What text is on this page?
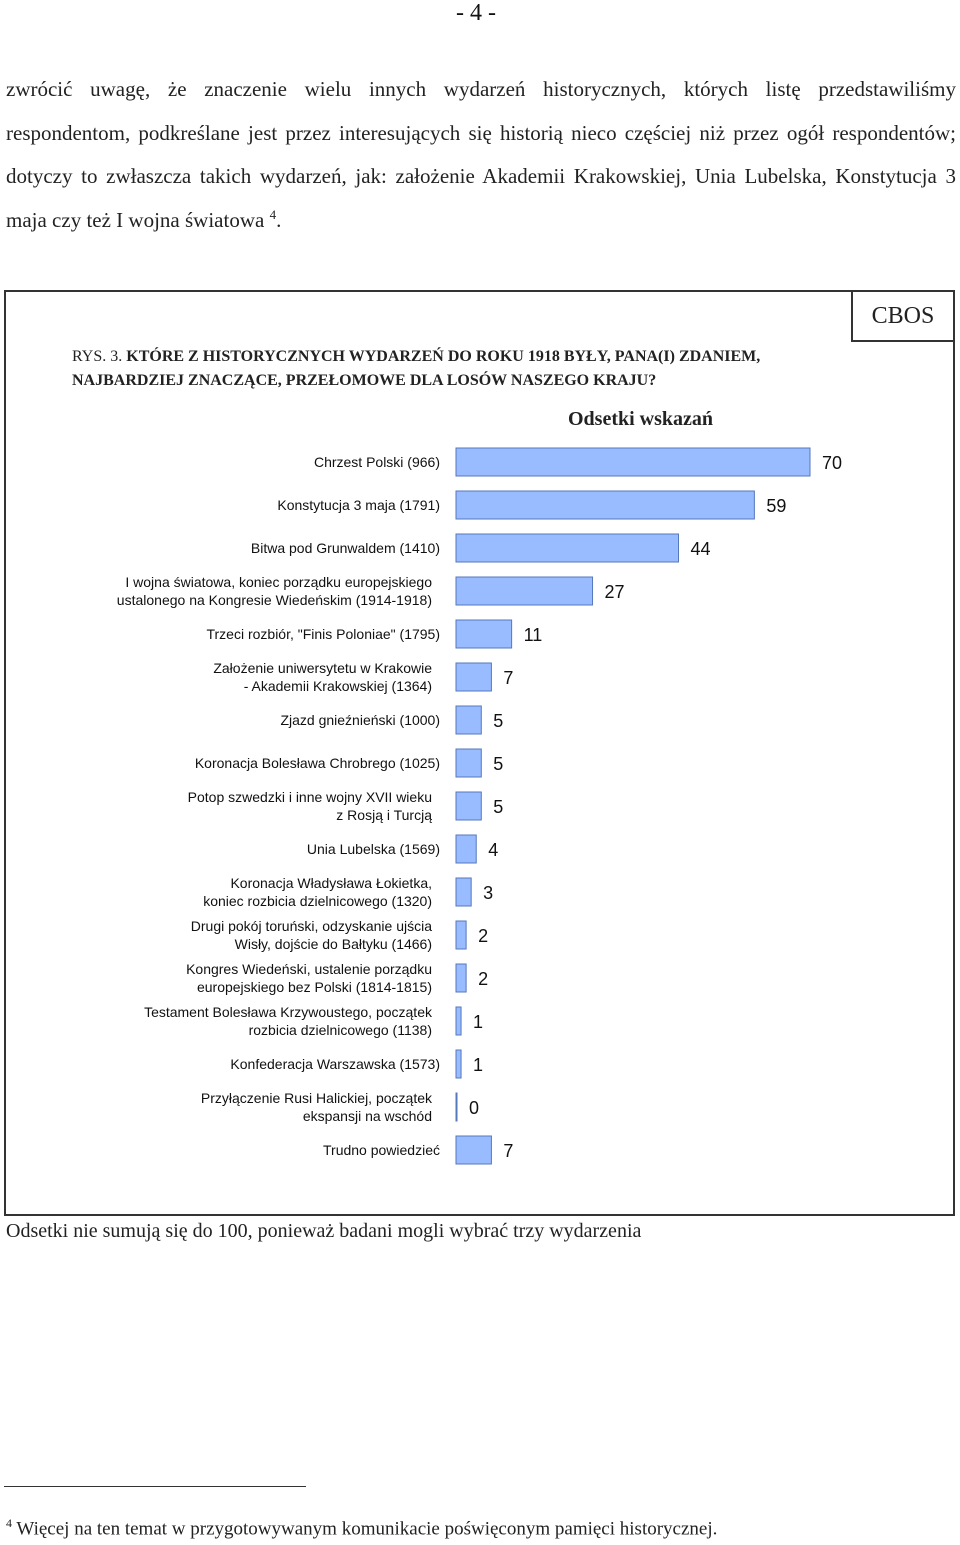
- 4 -
zwrócić uwagę, że znaczenie wielu innych wydarzeń historycznych, których listę przedstawiliśmy respondentom, podkreślane jest przez interesujących się historią nieco częściej niż przez ogół respondentów; dotyczy to zwłaszcza takich wydarzeń, jak: założenie Akademii Krakowskiej, Unia Lubelska, Konstytucja 3 maja czy też I wojna światowa $^4$.
CBOS
RYS. 3. KTÓRE Z HISTORYCZNYCH WYDARZEŃ DO ROKU 1918 BYŁY, PANA(I) ZDANIEM, NAJBARDZIEJ ZNACZĄCE, PRZEŁOMOWE DLA LOSÓW NASZEGO KRAJU?
Odsetki wskazań
70
Chrzest Polski (966)
59
Konstytucja 3 maja (1791)
44
Bitwa pod Grunwaldem (1410)
27
I wojna światowa, koniec porządku europejskiego ustalonego na Kongresie Wiedeńskim (1914-1918)
11
Trzeci rozbiór, "Finis Poloniae" (1795)
7
Założenie uniwersytetu w Krakowie - Akademii Krakowskiej (1364)
5
Zjazd gnieźnieński (1000)
5
Koronacja Bolesława Chrobrego (1025)
5
Potop szwedzki i inne wojny XVII wieku z Rosją i Turcją
4
Unia Lubelska (1569)
3
Koronacja Władysława Łokietka, koniec rozbicia dzielnicowego (1320)
2
Drugi pokój toruński, odzyskanie ujścia Wisły, dojście do Bałtyku (1466)
2
Kongres Wiedeński, ustalenie porządku europejskiego bez Polski (1814-1815)
1
Testament Bolesława Krzywoustego, początek rozbicia dzielnicowego (1138)
1
Konfederacja Warszawska (1573)
0
Przyłączenie Rusi Halickiej, początek ekspansji na wschód
7
Trudno powiedzieć
Odsetki nie sumują się do 100, ponieważ badani mogli wybrać trzy wydarzenia
$^4$ Więcej na ten temat w przygotowywanym komunikacie poświęconym pamięci historycznej.
